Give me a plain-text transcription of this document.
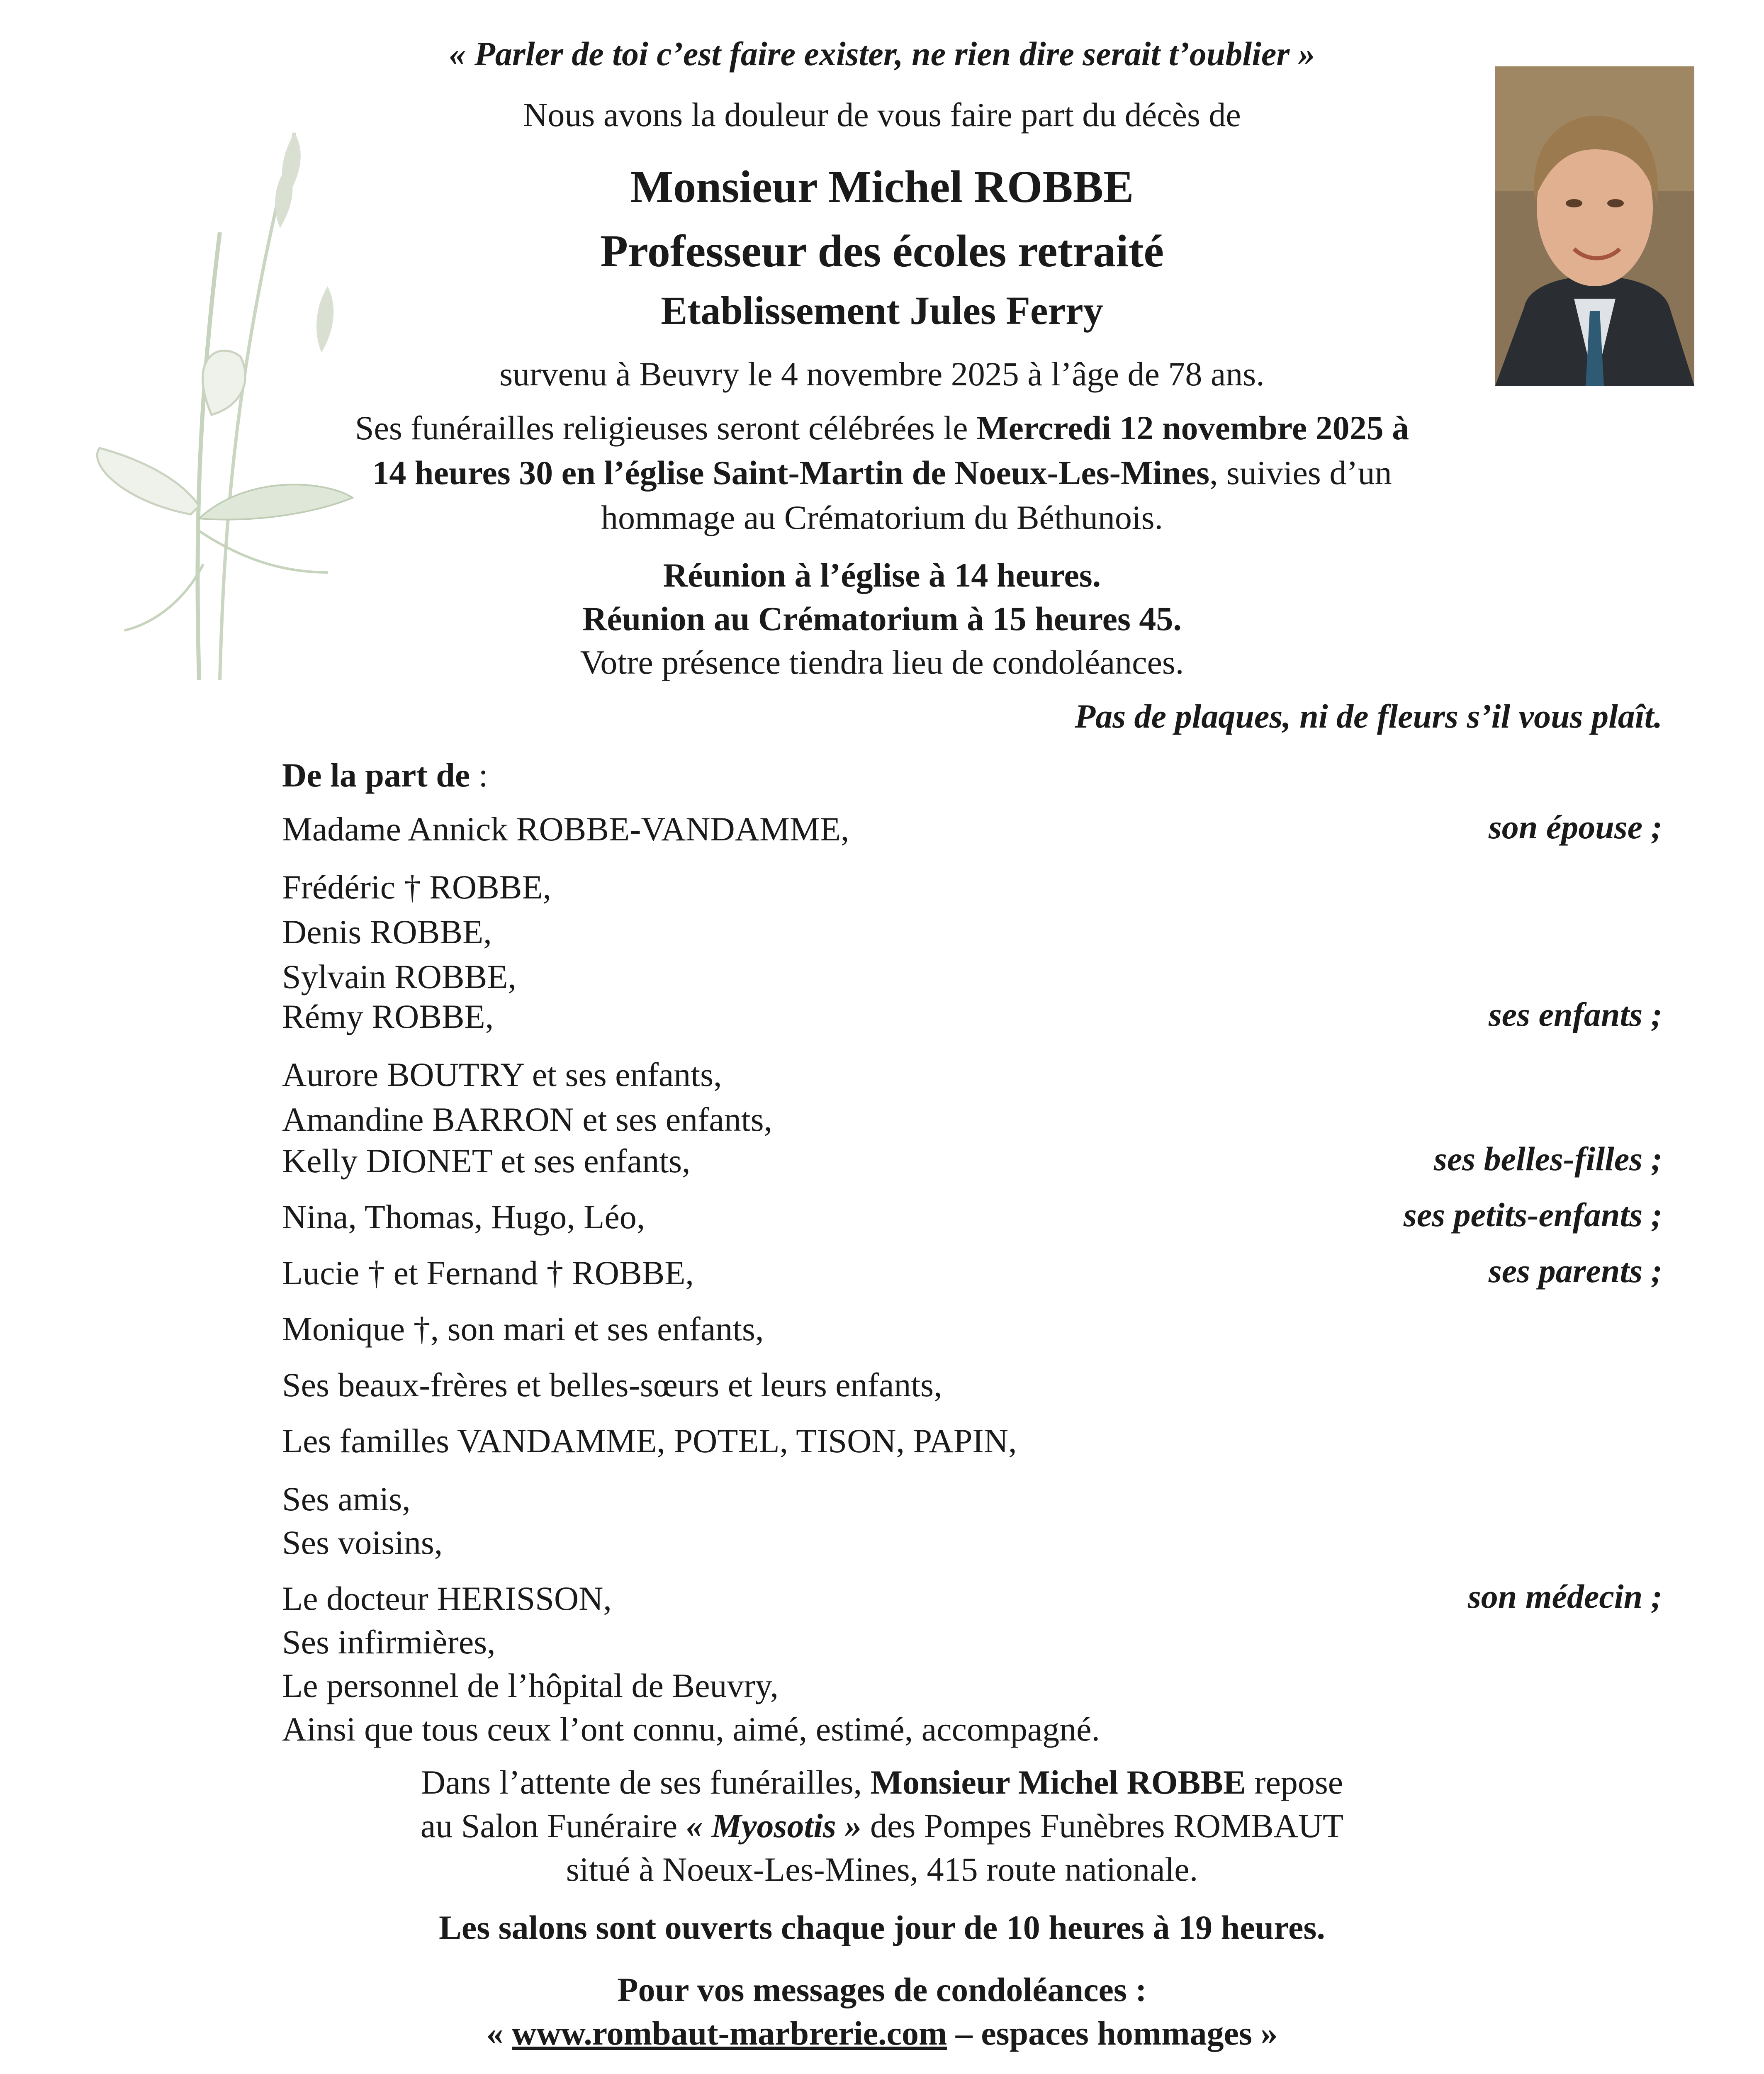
« Parler de toi c’est faire exister, ne rien dire serait t’oublier »
Nous avons la douleur de vous faire part du décès de
Monsieur Michel ROBBE
Professeur des écoles retraité
Etablissement Jules Ferry
survenu à Beuvry le 4 novembre 2025 à l’âge de 78 ans.
Ses funérailles religieuses seront célébrées le Mercredi 12 novembre 2025 à
14 heures 30 en l’église Saint-Martin de Noeux-Les-Mines, suivies d’un
hommage au Crématorium du Béthunois.
Réunion à l’église à 14 heures.
Réunion au Crématorium à 15 heures 45.
Votre présence tiendra lieu de condoléances.
Pas de plaques, ni de fleurs s’il vous plaît.
De la part de :
Madame Annick ROBBE-VANDAMME,	son épouse ;
Frédéric † ROBBE,
Denis ROBBE,
Sylvain ROBBE,
Rémy ROBBE,	ses enfants ;
Aurore BOUTRY et ses enfants,
Amandine BARRON et ses enfants,
Kelly DIONET et ses enfants,	ses belles-filles ;
Nina, Thomas, Hugo, Léo,	ses petits-enfants ;
Lucie † et Fernand † ROBBE,	ses parents ;
Monique †, son mari et ses enfants,
Ses beaux-frères et belles-sœurs et leurs enfants,
Les familles VANDAMME, POTEL, TISON, PAPIN,
Ses amis,
Ses voisins,
Le docteur HERISSON,	son médecin ;
Ses infirmières,
Le personnel de l’hôpital de Beuvry,
Ainsi que tous ceux l’ont connu, aimé, estimé, accompagné.
Dans l’attente de ses funérailles, Monsieur Michel ROBBE repose
au Salon Funéraire « Myosotis » des Pompes Funèbres ROMBAUT
situé à Noeux-Les-Mines, 415 route nationale.
Les salons sont ouverts chaque jour de 10 heures à 19 heures.
Pour vos messages de condoléances :
« www.rombaut-marbrerie.com – espaces hommages »
